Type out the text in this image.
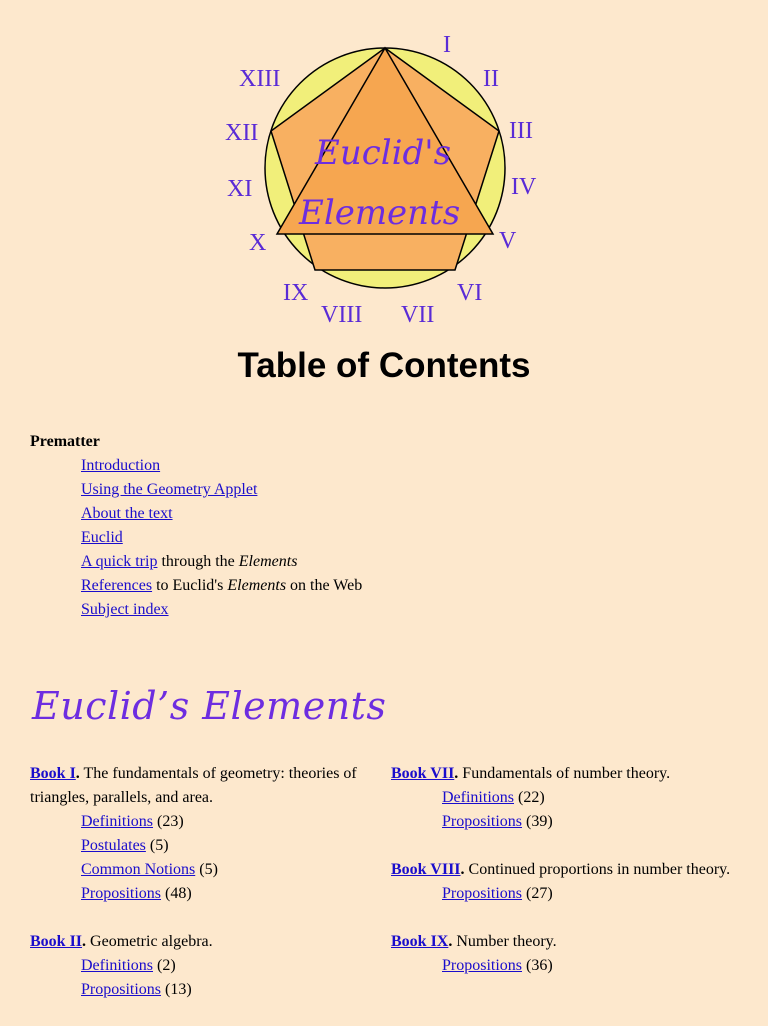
Euclid's
Elements
I
II
III
IV
V
VI
VII
VIII
IX
X
XI
XII
XIII
Table of Contents
Prematter
Introduction
Using the Geometry Applet
About the text
Euclid
A quick trip through the Elements
References to Euclid's Elements on the Web
Subject index
Euclid’s Elements
Book I. The fundamentals of geometry: theories of triangles, parallels, and area.
Definitions (23)
Postulates (5)
Common Notions (5)
Propositions (48)
Book II. Geometric algebra.
Definitions (2)
Propositions (13)
Book VII. Fundamentals of number theory.
Definitions (22)
Propositions (39)
Book VIII. Continued proportions in number theory.
Propositions (27)
Book IX. Number theory.
Propositions (36)
